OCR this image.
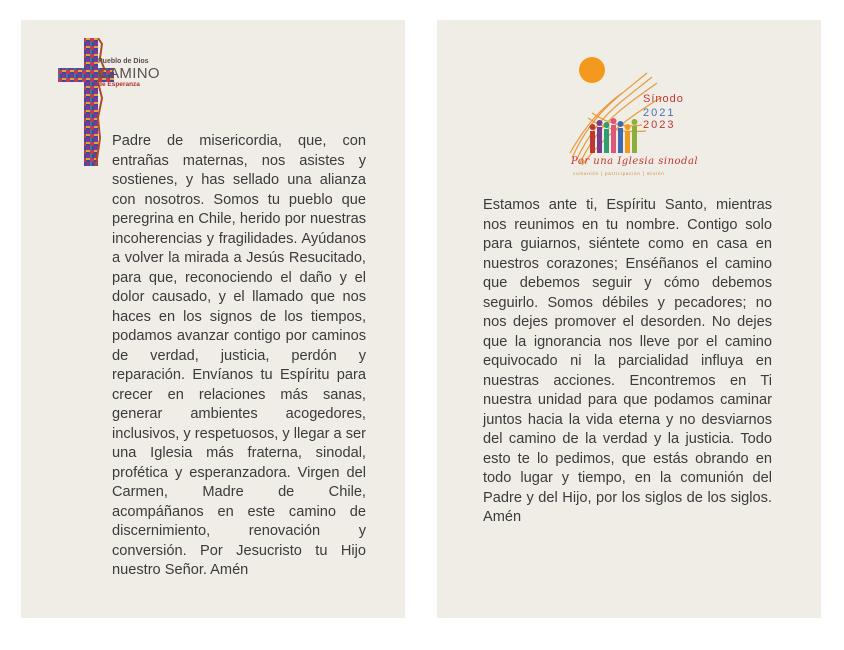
Pueblo de Dios
CAMINO
de Esperanza

Padre de misericordia, que, con entrañas maternas, nos asistes y sostienes, y has sellado una alianza con nosotros. Somos tu pueblo que peregrina en Chile, herido por nuestras incoherencias y fragilidades. Ayúdanos a volver la mirada a Jesús Resucitado, para que, reconociendo el daño y el dolor causado, y el llamado que nos haces en los signos de los tiempos, podamos avanzar contigo por caminos de verdad, justicia, perdón y reparación. Envíanos tu Espíritu para crecer en relaciones más sanas, generar ambientes acogedores, inclusivos, y respetuosos, y llegar a ser una Iglesia más fraterna, sinodal, profética y esperanzadora. Virgen del Carmen, Madre de Chile, acompáñanos en este camino de discernimiento, renovación y conversión. Por Jesucristo tu Hijo nuestro Señor. Amén

Sínodo
2021
2023
Por una Iglesia sinodal
comunión | participación | misión

Estamos ante ti, Espíritu Santo, mientras nos reunimos en tu nombre. Contigo solo para guiarnos, siéntete como en casa en nuestros corazones; Enséñanos el camino que debemos seguir y cómo debemos seguirlo. Somos débiles y pecadores; no nos dejes promover el desorden. No dejes que la ignorancia nos lleve por el camino equivocado ni la parcialidad influya en nuestras acciones. Encontremos en Ti nuestra unidad para que podamos caminar juntos hacia la vida eterna y no desviarnos del camino de la verdad y la justicia. Todo esto te lo pedimos, que estás obrando en todo lugar y tiempo, en la comunión del Padre y del Hijo, por los siglos de los siglos. Amén
